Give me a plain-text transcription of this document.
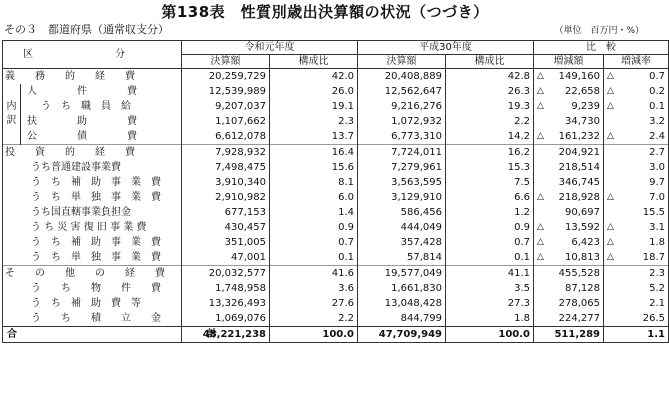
第138表　性質別歳出決算額の状況（つづき）
その３　都道府県（通常収支分）	（単位　百万円・%）
区　分		令和元年度		平成30年度		比　較	
		決算額	構成比	決算額	構成比	増減額	増減率
義　　務　　的　　経　　費		20,259,729	42.0	20,408,889	42.8	△ 149,160	△ 0.7

内訳	人　　　　件　　　　費	12,539,989	26.0	12,562,647	26.3	△ 22,658	△ 0.2

	う　ち　職　員　給	9,207,037	19.1	9,216,276	19.3	△ 9,239	△ 0.1

	扶　　　　助　　　　費	1,107,662	2.3	1,072,932	2.2	34,730	3.2
	公　　　　債　　　　費	6,612,078	13.7	6,773,310	14.2	△ 161,232	△ 2.4

投　　資　　的　　経　　費		7,928,932	16.4	7,724,011	16.2	204,921	2.7
うち普通建設事業費		7,498,475	15.6	7,279,961	15.3	218,514	3.0
う　ち　補　助　事　業　費		3,910,340	8.1	3,563,595	7.5	346,745	9.7
う　ち　単　独　事　業　費		2,910,982	6.0	3,129,910	6.6	△ 218,928	△ 7.0

うち国直轄事業負担金		677,153	1.4	586,456	1.2	90,697	15.5
う ち 災 害 復 旧 事 業 費		430,457	0.9	444,049	0.9	△ 13,592	△ 3.1

う　ち　補　助　事　業　費		351,005	0.7	357,428	0.7	△ 6,423	△ 1.8

う　ち　単　独　事　業　費		47,001	0.1	57,814	0.1	△ 10,813	△ 18.7

そ　　の　　他　　の　　経　　費		20,032,577	41.6	19,577,049	41.1	455,528	2.3
う　　ち　　物　　件　　費		1,748,958	3.6	1,661,830	3.5	87,128	5.2
う　ち　補　助　費　等		13,326,493	27.6	13,048,428	27.3	278,065	2.1
う　　ち　　積　　立　　金		1,069,076	2.2	844,799	1.8	224,277	26.5
合　　　　　　　　　　　　　　　　　　　計		48,221,238	100.0	47,709,949	100.0	511,289	1.1
